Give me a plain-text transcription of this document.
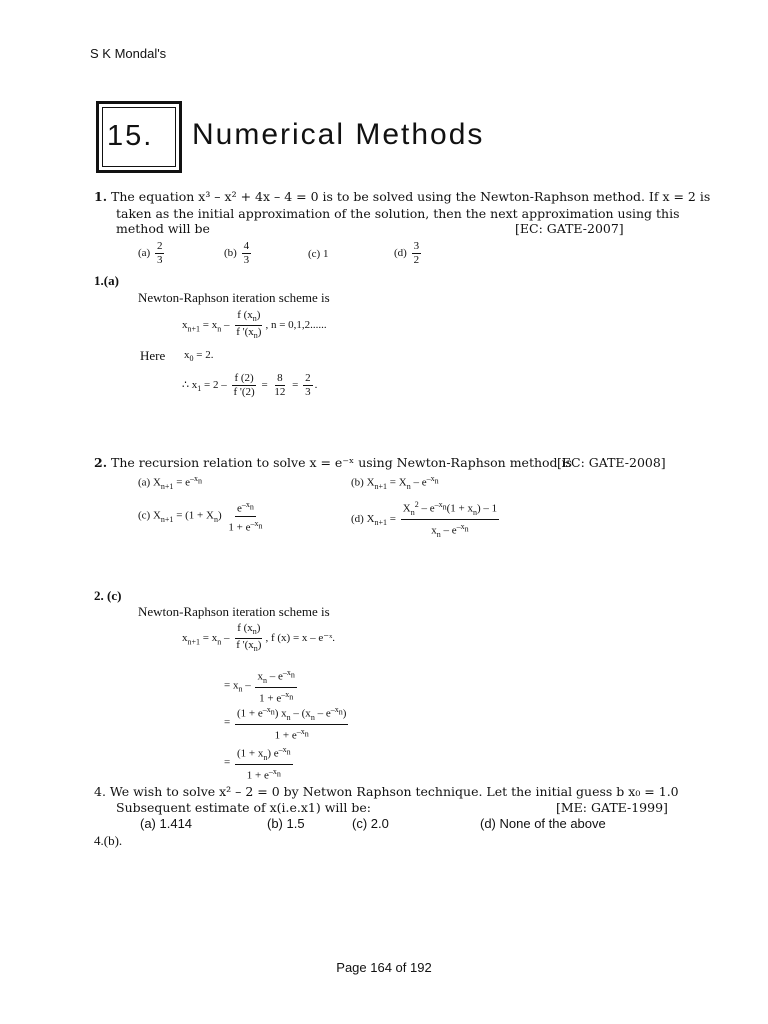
S K Mondal's
15. Numerical Methods
1. The equation x³ – x² + 4x – 4 = 0 is to be solved using the Newton-Raphson method. If x = 2 is
taken as the initial approximation of the solution, then the next approximation using this
method will be	[EC: GATE-2007]
$(a) \frac{2}{3}$	$(b) \frac{4}{3}$	(c) 1	$(d) \frac{3}{2}$
1.(a)
Newton-Raphson iteration scheme is
$x_{n+1} = x_n - \frac{f (x_n)}{f '(x_n)}$ , n = 0,1,2......
Here $x_0 = 2$.
∴ $x_1 = 2 - \frac{f (2)}{f '(2)} = \frac{8}{12} = \frac{2}{3}$ .
2. The recursion relation to solve x = e⁻ˣ using Newton-Raphson method is
[EC: GATE-2008]
(a) $X_{n+1} = e^{-x_n}$	(b) $X_{n+1} = X_n - e^{-x_n}$
(c) $X_{n+1} = (1 + X_n) \frac{e^{-x_n}}{1 + e^{-x_n}}$	(d) $X_{n+1} = \frac{X_n^2 - e^{-x_n}(1 + x_n) - 1}{x_n - e^{-x_n}}$
2. (c)
Newton-Raphson iteration scheme is
$x_{n+1} = x_n - \frac{f (x_n)}{f '(x_n)}$ , f (x) = x – e⁻ˣ.
= $x_n - \frac{x_n - e^{-x_n}}{1 + e^{-x_n}}$
= $\frac{(1 + e^{-x_n}) x_n - (x_n - e^{-x_n})}{1 + e^{-x_n}}$
= $\frac{(1 + x_n) e^{-x_n}}{1 + e^{-x_n}}$
4. We wish to solve x² – 2 = 0 by Netwon Raphson technique. Let the initial guess b x₀ = 1.0
Subsequent estimate of x(i.e.x1) will be:	[ME: GATE-1999]
(a) 1.414	(b) 1.5	(c) 2.0	(d) None of the above
4.(b).
Page 164 of 192
